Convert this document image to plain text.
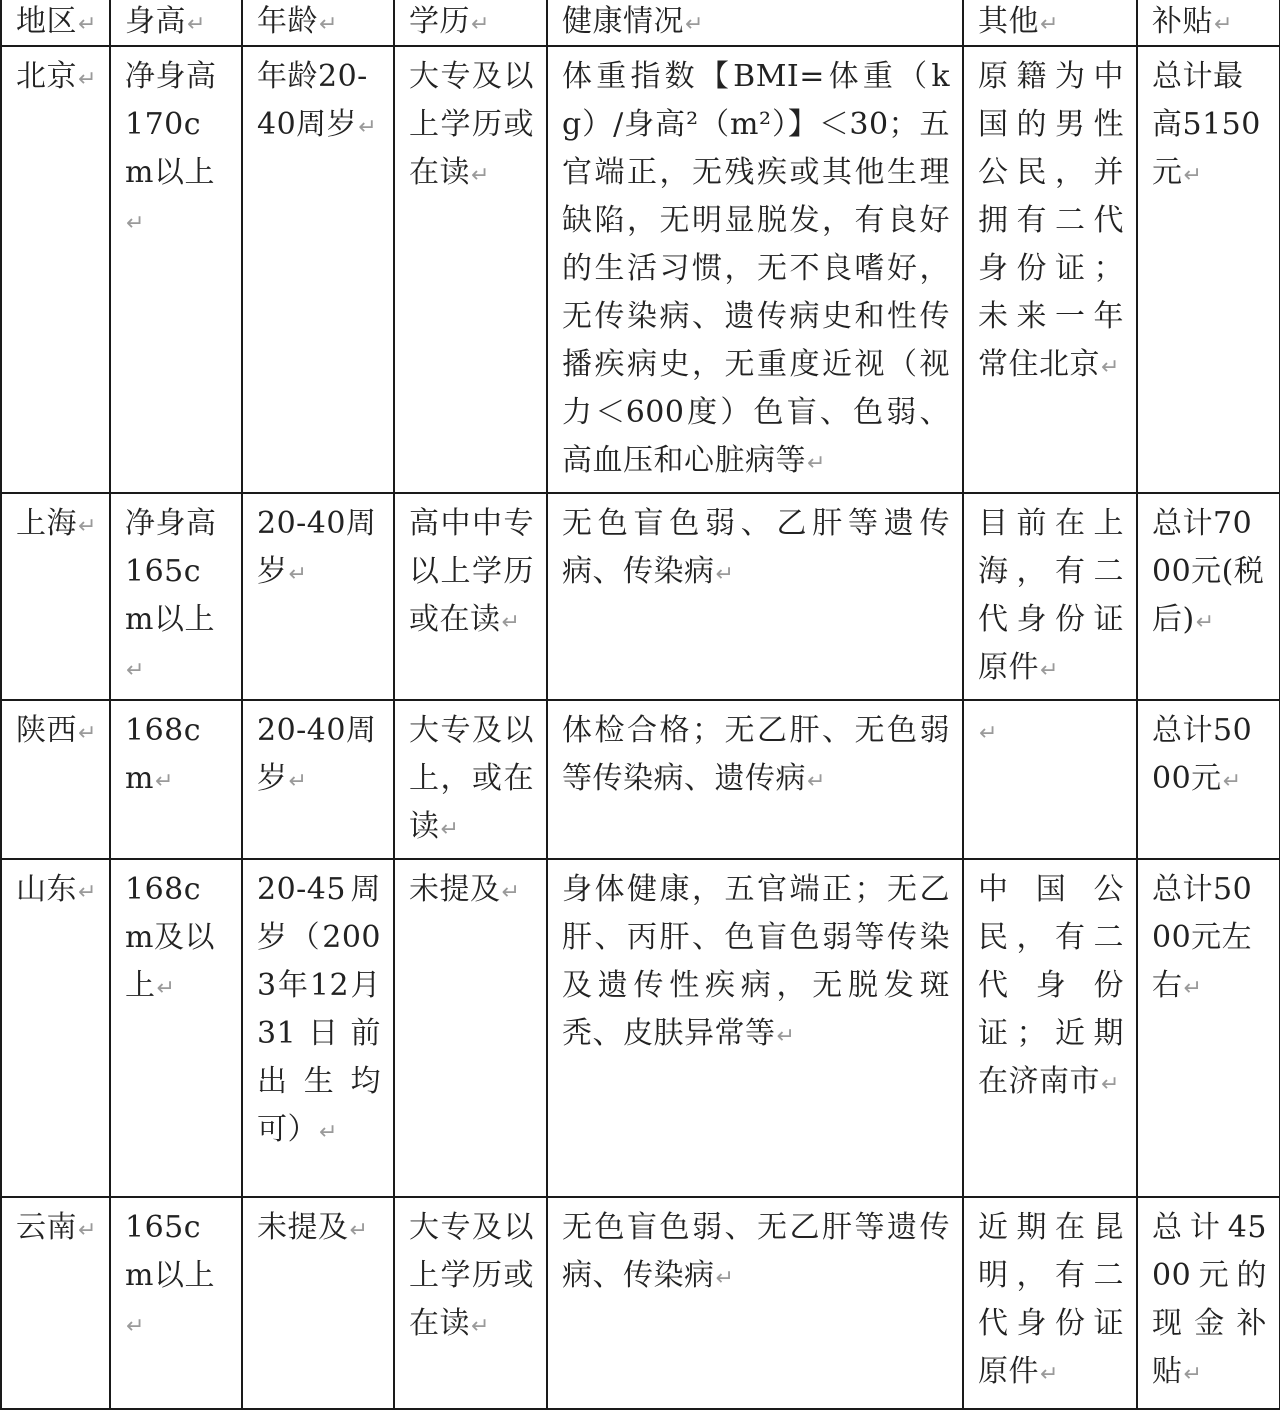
地区 ↵	身高 ↵	年龄 ↵	学历 ↵	健康情况 ↵	其他 ↵	补贴 ↵
北京 ↵	净身高170cm以上 ↵	年龄20-40周岁 ↵	大专及以上学历或在读 ↵	体重指数【BMI=体重（kg）/身高²（m²）】＜30；五官端正，无残疾或其他生理缺陷，无明显脱发，有良好的生活习惯，无不良嗜好，无传染病、遗传病史和性传播疾病史，无重度近视（视力＜600度）色盲、色弱、高血压和心脏病等 ↵	原籍为中国的男性公民，并拥有二代身份证；未来一年常住北京 ↵	总计最高5150元 ↵
上海 ↵	净身高165cm以上 ↵	20-40周岁 ↵	高中中专以上学历或在读 ↵	无色盲色弱、乙肝等遗传病、传染病 ↵	目前在上海，有二代身份证原件 ↵	总计7000元(税后) ↵
陕西 ↵	168cm ↵	20-40周岁 ↵	大专及以上，或在读 ↵	体检合格；无乙肝、无色弱等传染病、遗传病 ↵	↵	总计5000元 ↵
山东 ↵	168cm及以上 ↵	20-45周岁（2003年12月31日前出生均可） ↵	未提及 ↵	身体健康，五官端正；无乙肝、丙肝、色盲色弱等传染及遗传性疾病，无脱发斑秃、皮肤异常等 ↵	中国公民，有二代身份证；近期在济南市 ↵	总计5000元左右 ↵
云南 ↵	165cm以上 ↵	未提及 ↵	大专及以上学历或在读 ↵	无色盲色弱、无乙肝等遗传病、传染病 ↵	近期在昆明，有二代身份证原件 ↵	总计4500元的现金补贴 ↵
